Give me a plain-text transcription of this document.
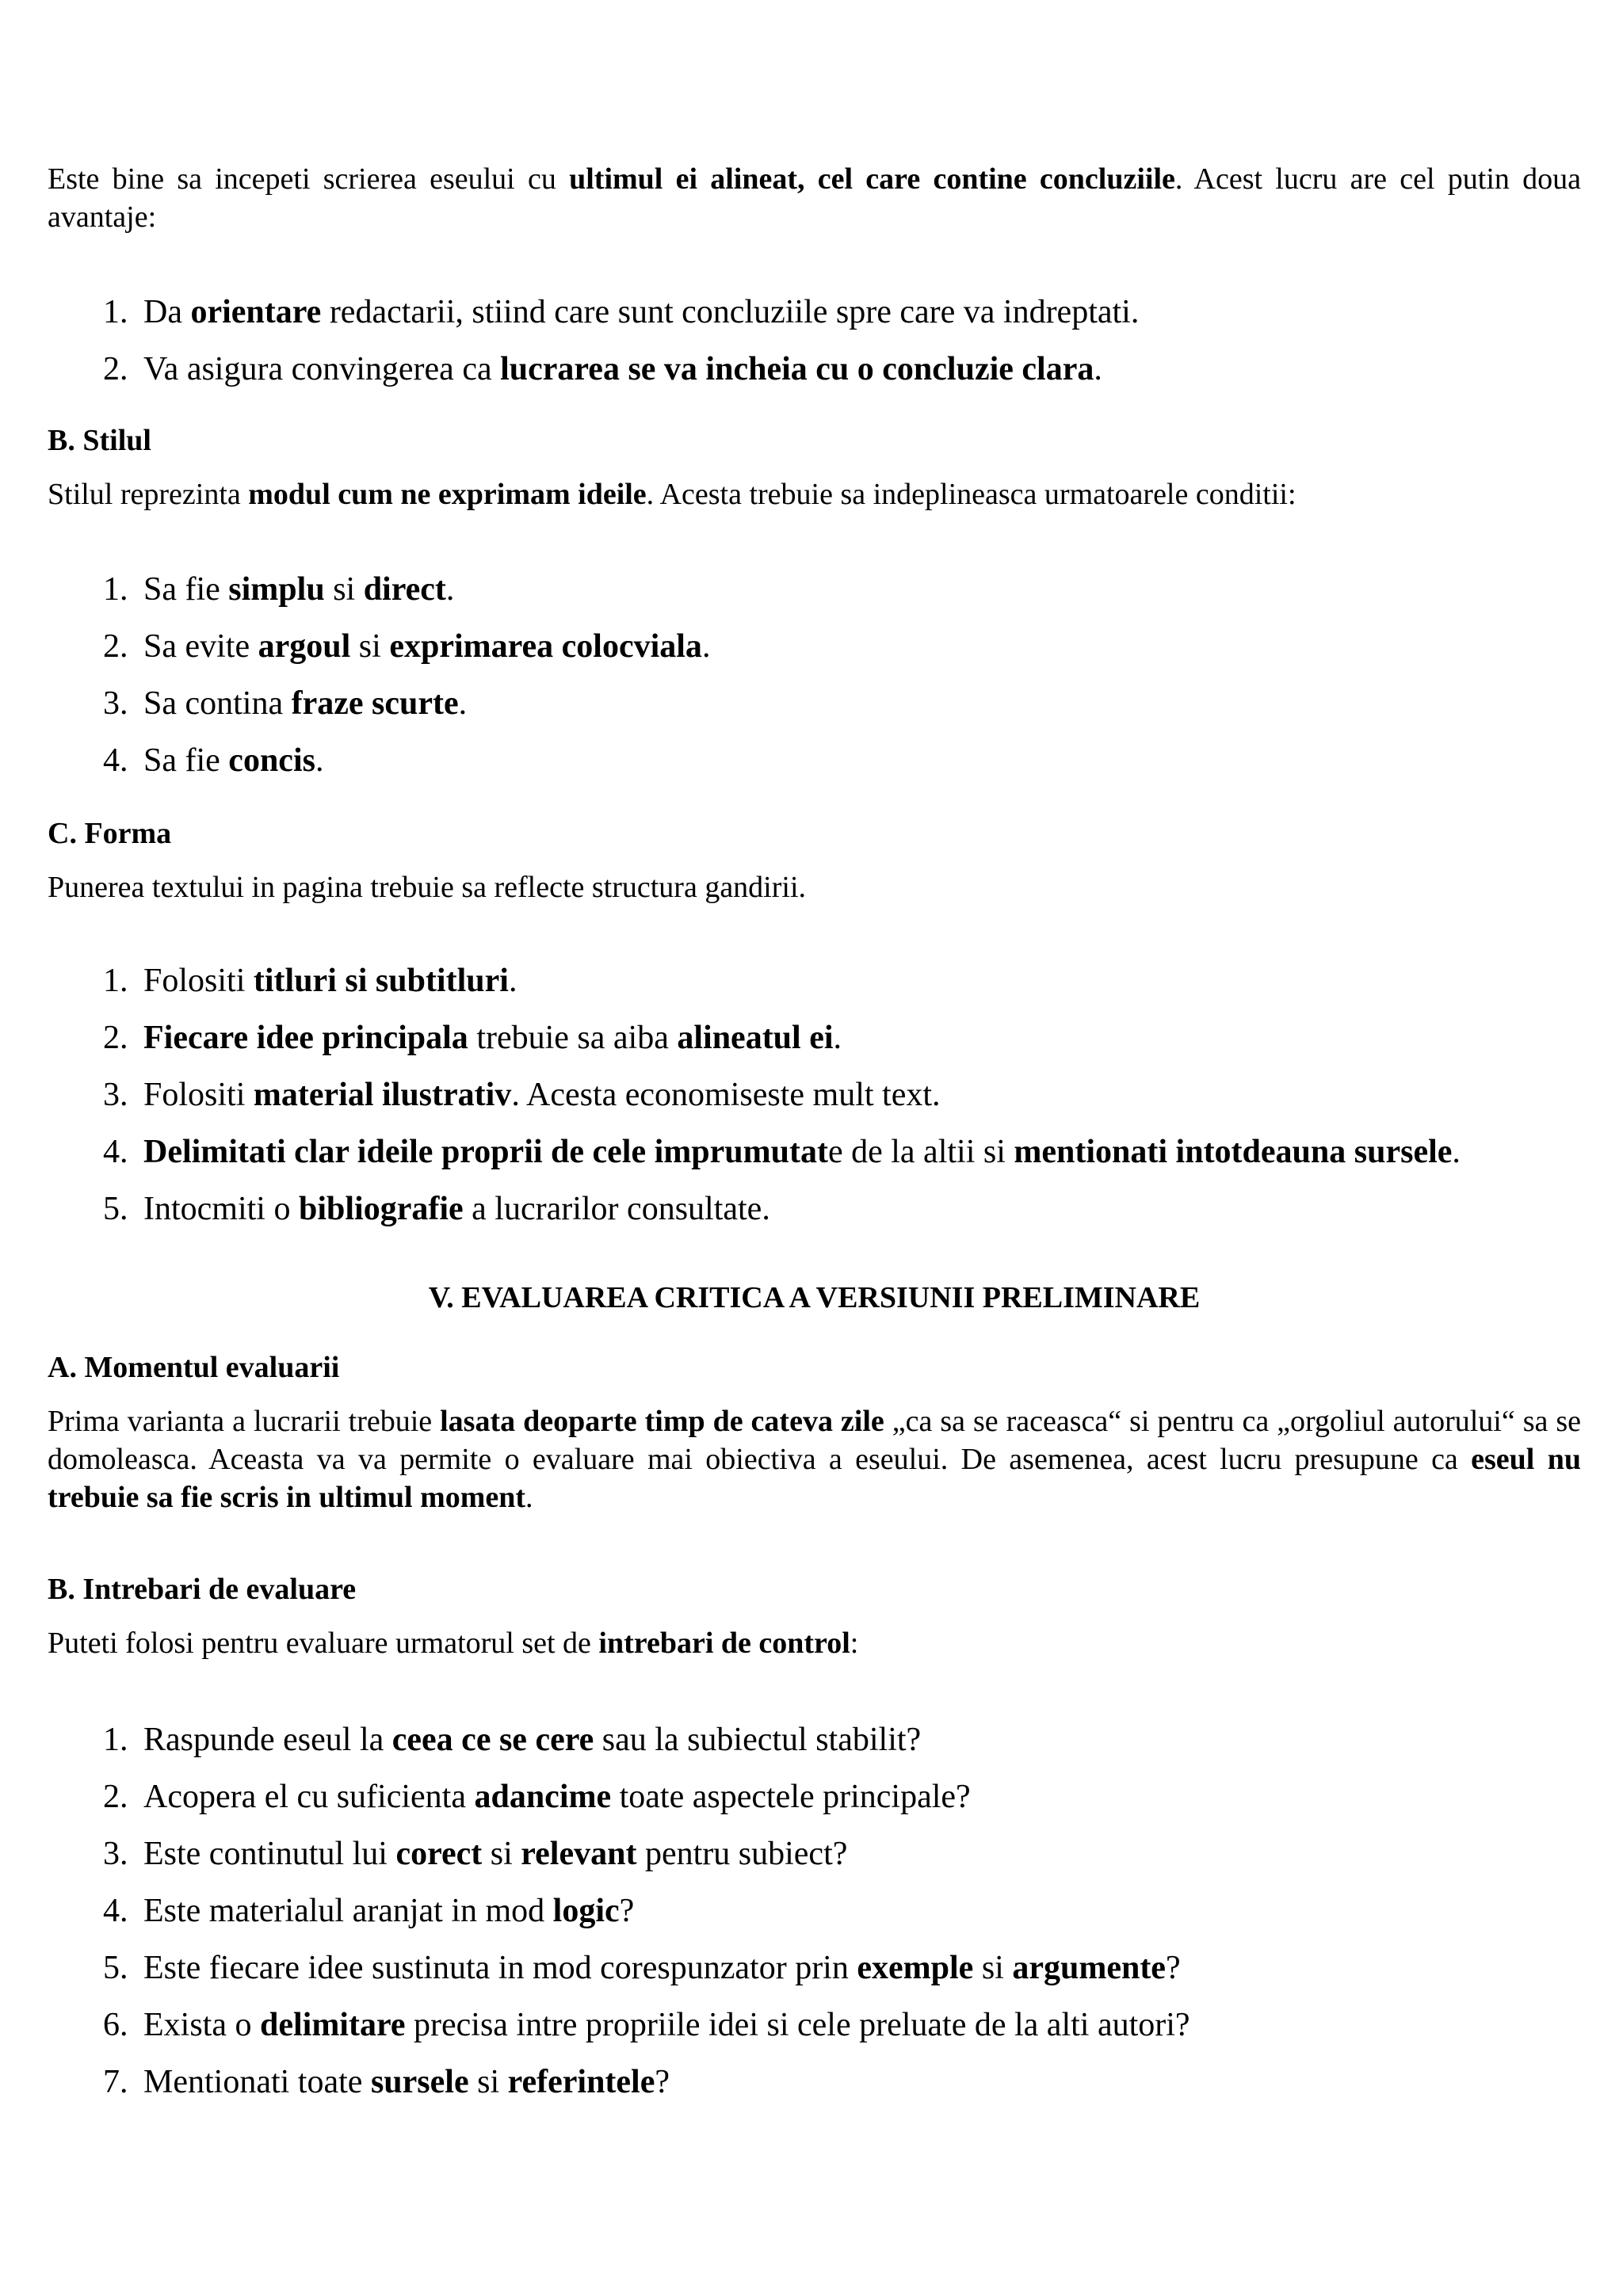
Este bine sa incepeti scrierea eseului cu ultimul ei alineat, cel care contine concluziile. Acest lucru are cel putin doua avantaje:

1. Da orientare redactarii, stiind care sunt concluziile spre care va indreptati.
2. Va asigura convingerea ca lucrarea se va incheia cu o concluzie clara.

B. Stilul

Stilul reprezinta modul cum ne exprimam ideile. Acesta trebuie sa indeplineasca urmatoarele conditii:

1. Sa fie simplu si direct.
2. Sa evite argoul si exprimarea colocviala.
3. Sa contina fraze scurte.
4. Sa fie concis.

C. Forma

Punerea textului in pagina trebuie sa reflecte structura gandirii.

1. Folositi titluri si subtitluri.
2. Fiecare idee principala trebuie sa aiba alineatul ei.
3. Folositi material ilustrativ. Acesta economiseste mult text.
4. Delimitati clar ideile proprii de cele imprumutate de la altii si mentionati intotdeauna sursele.
5. Intocmiti o bibliografie a lucrarilor consultate.

V. EVALUAREA CRITICA A VERSIUNII PRELIMINARE

A. Momentul evaluarii

Prima varianta a lucrarii trebuie lasata deoparte timp de cateva zile „ca sa se raceasca“ si pentru ca „orgoliul autorului“ sa se domoleasca. Aceasta va va permite o evaluare mai obiectiva a eseului. De asemenea, acest lucru presupune ca eseul nu trebuie sa fie scris in ultimul moment.

B. Intrebari de evaluare

Puteti folosi pentru evaluare urmatorul set de intrebari de control:

1. Raspunde eseul la ceea ce se cere sau la subiectul stabilit?
2. Acopera el cu suficienta adancime toate aspectele principale?
3. Este continutul lui corect si relevant pentru subiect?
4. Este materialul aranjat in mod logic?
5. Este fiecare idee sustinuta in mod corespunzator prin exemple si argumente?
6. Exista o delimitare precisa intre propriile idei si cele preluate de la alti autori?
7. Mentionati toate sursele si referintele?
